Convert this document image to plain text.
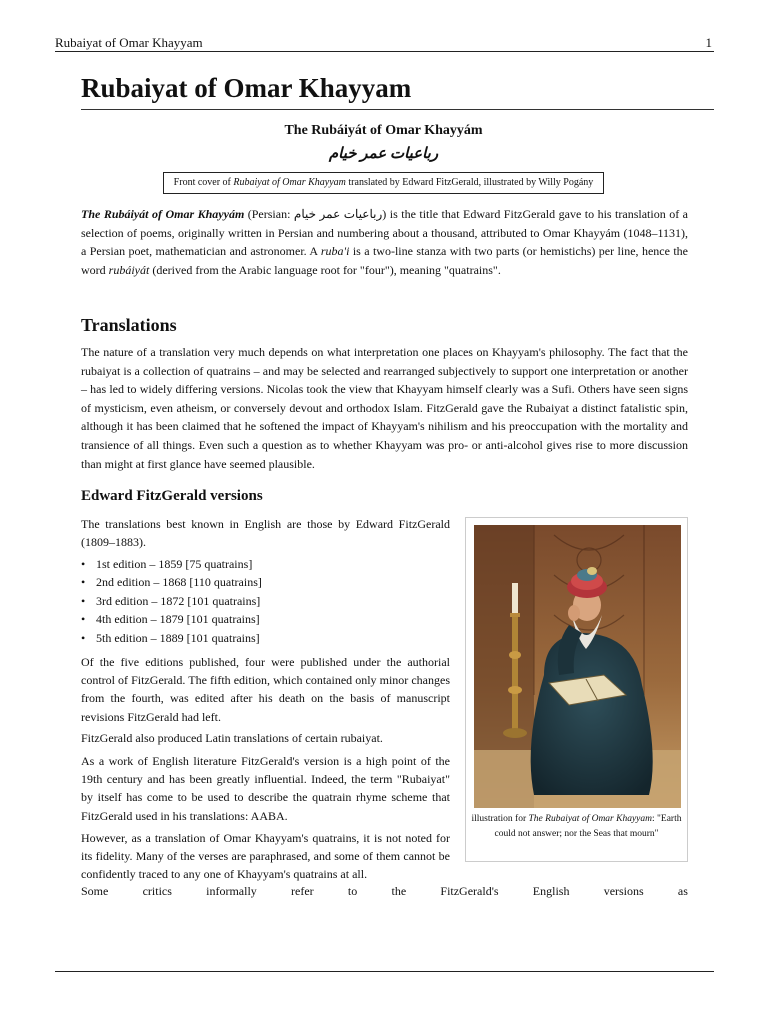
Rubaiyat of Omar Khayyam	1
Rubaiyat of Omar Khayyam
The Rubáiyát of Omar Khayyám
رباعیات عمر خیام
Front cover of Rubaiyat of Omar Khayyam translated by Edward FitzGerald, illustrated by Willy Pogány

The Rubáiyát of Omar Khayyám (Persian: رباعیات عمر خیام) is the title that Edward FitzGerald gave to his translation of a selection of poems, originally written in Persian and numbering about a thousand, attributed to Omar Khayyám (1048–1131), a Persian poet, mathematician and astronomer. A ruba'i is a two-line stanza with two parts (or hemistichs) per line, hence the word rubáiyát (derived from the Arabic language root for "four"), meaning "quatrains".

Translations

The nature of a translation very much depends on what interpretation one places on Khayyam's philosophy. The fact that the rubaiyat is a collection of quatrains – and may be selected and rearranged subjectively to support one interpretation or another – has led to widely differing versions. Nicolas took the view that Khayyam himself clearly was a Sufi. Others have seen signs of mysticism, even atheism, or conversely devout and orthodox Islam. FitzGerald gave the Rubaiyat a distinct fatalistic spin, although it has been claimed that he softened the impact of Khayyam's nihilism and his preoccupation with the mortality and transience of all things. Even such a question as to whether Khayyam was pro- or anti-alcohol gives rise to more discussion than might at first glance have seemed plausible.

Edward FitzGerald versions

The translations best known in English are those by Edward FitzGerald (1809–1883).

• 1st edition – 1859 [75 quatrains]
• 2nd edition – 1868 [110 quatrains]
• 3rd edition – 1872 [101 quatrains]
• 4th edition – 1879 [101 quatrains]
• 5th edition – 1889 [101 quatrains]

Of the five editions published, four were published under the authorial control of FitzGerald. The fifth edition, which contained only minor changes from the fourth, was edited after his death on the basis of manuscript revisions FitzGerald had left.

FitzGerald also produced Latin translations of certain rubaiyat.

As a work of English literature FitzGerald's version is a high point of the 19th century and has been greatly influential. Indeed, the term "Rubaiyat" by itself has come to be used to describe the quatrain rhyme scheme that FitzGerald used in his translations: AABA.

However, as a translation of Omar Khayyam's quatrains, it is not noted for its fidelity. Many of the verses are paraphrased, and some of them cannot be confidently traced to any one of Khayyam's quatrains at all.

Some	critics	informally	refer	to	the	FitzGerald's	English	versions	as
illustration for The Rubaiyat of Omar Khayyam: "Earth could not answer; nor the Seas that mourn"
